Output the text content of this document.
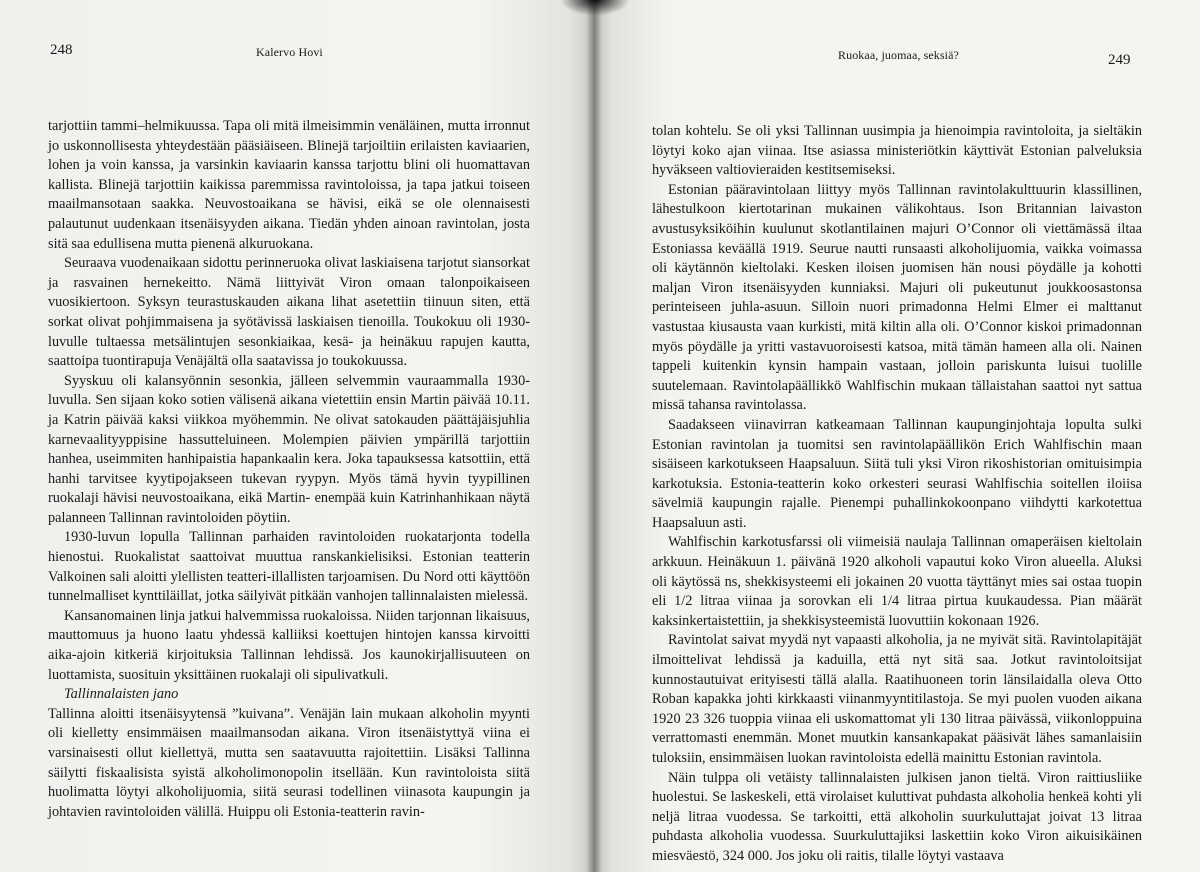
248	Kalervo Hovi

tarjottiin tammi–helmikuussa. Tapa oli mitä ilmeisimmin venäläinen, mutta irronnut jo uskonnollisesta yhteydestään pääsiäiseen. Blinejä tarjoiltiin erilaisten kaviaarien, lohen ja voin kanssa, ja varsinkin kaviaarin kanssa tarjottu blini oli huomattavan kallista. Blinejä tarjottiin kaikissa paremmissa ravintoloissa, ja tapa jatkui toiseen maailmansotaan saakka. Neuvostoaikana se hävisi, eikä se ole olennaisesti palautunut uudenkaan itsenäisyyden aikana. Tiedän yhden ainoan ravintolan, josta sitä saa edullisena mutta pienenä alkuruokana.

Seuraava vuodenaikaan sidottu perinneruoka olivat laskiaisena tarjotut siansorkat ja rasvainen hernekeitto. Nämä liittyivät Viron omaan talonpoikaiseen vuosikiertoon. Syksyn teurastuskauden aikana lihat asetettiin tiinuun siten, että sorkat olivat pohjimmaisena ja syötävissä laskiaisen tienoilla. Toukokuu oli 1930-luvulle tultaessa metsälintujen sesonkiaikaa, kesä- ja heinäkuu rapujen kautta, saattoipa tuontirapuja Venäjältä olla saatavissa jo toukokuussa.

Syyskuu oli kalansyönnin sesonkia, jälleen selvemmin vauraammalla 1930-luvulla. Sen sijaan koko sotien välisenä aikana vietettiin ensin Martin päivää 10.11. ja Katrin päivää kaksi viikkoa myöhemmin. Ne olivat satokauden päättäjäisjuhlia karnevaalityyppisine hassutteluineen. Molempien päivien ympärillä tarjottiin hanhea, useimmiten hanhipaistia hapankaalin kera. Joka tapauksessa katsottiin, että hanhi tarvitsee kyytipojakseen tukevan ryypyn. Myös tämä hyvin tyypillinen ruokalaji hävisi neuvostoaikana, eikä Martin- enempää kuin Katrinhanhikaan näytä palanneen Tallinnan ravintoloiden pöytiin.

1930-luvun lopulla Tallinnan parhaiden ravintoloiden ruokatarjonta todella hienostui. Ruokalistat saattoivat muuttua ranskankielisiksi. Estonian teatterin Valkoinen sali aloitti ylellisten teatteri-illallisten tarjoamisen. Du Nord otti käyttöön tunnelmalliset kynttiläillat, jotka säilyivät pitkään vanhojen tallinnalaisten mielessä.

Kansanomainen linja jatkui halvemmissa ruokaloissa. Niiden tarjonnan likaisuus, mauttomuus ja huono laatu yhdessä kalliiksi koettujen hintojen kanssa kirvoitti aika-ajoin kitkeriä kirjoituksia Tallinnan lehdissä. Jos kaunokirjallisuuteen on luottamista, suosituin yksittäinen ruokalaji oli sipulivatkuli.

Tallinnalaisten jano

Tallinna aloitti itsenäisyytensä ”kuivana”. Venäjän lain mukaan alkoholin myynti oli kielletty ensimmäisen maailmansodan aikana. Viron itsenäistyttyä viina ei varsinaisesti ollut kiellettyä, mutta sen saatavuutta rajoitettiin. Lisäksi Tallinna säilytti fiskaalisista syistä alkoholimonopolin itsellään. Kun ravintoloista siitä huolimatta löytyi alkoholijuomia, siitä seurasi todellinen viinasota kaupungin ja johtavien ravintoloiden välillä. Huippu oli Estonia-teatterin ravin-

Ruokaa, juomaa, seksiä?	249

tolan kohtelu. Se oli yksi Tallinnan uusimpia ja hienoimpia ravintoloita, ja sieltäkin löytyi koko ajan viinaa. Itse asiassa ministeriötkin käyttivät Estonian palveluksia hyväkseen valtiovieraiden kestitsemiseksi.

Estonian pääravintolaan liittyy myös Tallinnan ravintolakulttuurin klassillinen, lähestulkoon kiertotarinan mukainen välikohtaus. Ison Britannian laivaston avustusyksiköihin kuulunut skotlantilainen majuri O’Connor oli viettämässä iltaa Estoniassa keväällä 1919. Seurue nautti runsaasti alkoholijuomia, vaikka voimassa oli käytännön kieltolaki. Kesken iloisen juomisen hän nousi pöydälle ja kohotti maljan Viron itsenäisyyden kunniaksi. Majuri oli pukeutunut joukkoosastonsa perinteiseen juhla-asuun. Silloin nuori primadonna Helmi Elmer ei malttanut vastustaa kiusausta vaan kurkisti, mitä kiltin alla oli. O’Connor kiskoi primadonnan myös pöydälle ja yritti vastavuoroisesti katsoa, mitä tämän hameen alla oli. Nainen tappeli kuitenkin kynsin hampain vastaan, jolloin pariskunta luisui tuolille suutelemaan. Ravintolapäällikkö Wahlfischin mukaan tällaistahan saattoi nyt sattua missä tahansa ravintolassa.

Saadakseen viinavirran katkeamaan Tallinnan kaupunginjohtaja lopulta sulki Estonian ravintolan ja tuomitsi sen ravintolapäällikön Erich Wahlfischin maan sisäiseen karkotukseen Haapsaluun. Siitä tuli yksi Viron rikoshistorian omituisimpia karkotuksia. Estonia-teatterin koko orkesteri seurasi Wahlfischia soitellen iloiisa sävelmiä kaupungin rajalle. Pienempi puhallinkokoonpano viihdytti karkotettua Haapsaluun asti.

Wahlfischin karkotusfarssi oli viimeisiä naulaja Tallinnan omaperäisen kieltolain arkkuun. Heinäkuun 1. päivänä 1920 alkoholi vapautui koko Viron alueella. Aluksi oli käytössä ns, shekkisysteemi eli jokainen 20 vuotta täyttänyt mies sai ostaa tuopin eli 1/2 litraa viinaa ja sorovkan eli 1/4 litraa pirtua kuukaudessa. Pian määrät kaksinkertaistettiin, ja shekkisysteemistä luovuttiin kokonaan 1926.

Ravintolat saivat myydä nyt vapaasti alkoholia, ja ne myivät sitä. Ravintolapitäjät ilmoittelivat lehdissä ja kaduilla, että nyt sitä saa. Jotkut ravintoloitsijat kunnostautuivat erityisesti tällä alalla. Raatihuoneen torin länsilaidalla oleva Otto Roban kapakka johti kirkkaasti viinanmyyntitilastoja. Se myi puolen vuoden aikana 1920 23 326 tuoppia viinaa eli uskomattomat yli 130 litraa päivässä, viikonloppuina verrattomasti enemmän. Monet muutkin kansankapakat pääsivät lähes samanlaisiin tuloksiin, ensimmäisen luokan ravintoloista edellä mainittu Estonian ravintola.

Näin tulppa oli vetäisty tallinnalaisten julkisen janon tieltä. Viron raittiusliike huolestui. Se laskeskeli, että virolaiset kuluttivat puhdasta alkoholia henkeä kohti yli neljä litraa vuodessa. Se tarkoitti, että alkoholin suurkuluttajat joivat 13 litraa puhdasta alkoholia vuodessa. Suurkuluttajiksi laskettiin koko Viron aikuisikäinen miesväestö, 324 000. Jos joku oli raitis, tilalle löytyi vastaava
